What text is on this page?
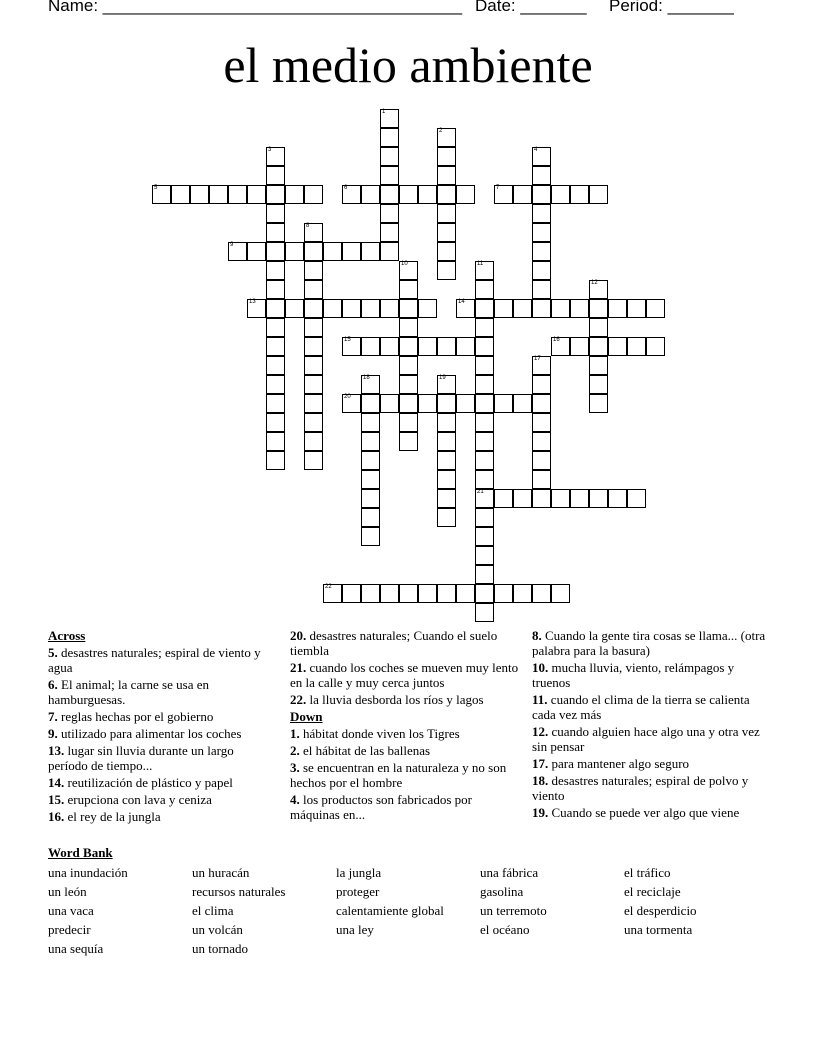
Name: ______________________________________ Date: _______ Period: _______
el medio ambiente
1
2
3	4
5	6	7
8
9
10	11
21
12
13	14
15	16
17
18	19
20
22
Across
5. desastres naturales; espiral de viento y agua
6. El animal; la carne se usa en hamburguesas.
7. reglas hechas por el gobierno
9. utilizado para alimentar los coches
13. lugar sin lluvia durante un largo período de tiempo...
14. reutilización de plástico y papel
15. erupciona con lava y ceniza
16. el rey de la jungla
20. desastres naturales; Cuando el suelo tiembla
21. cuando los coches se mueven muy lento en la calle y muy cerca juntos
22. la lluvia desborda los ríos y lagos
Down
1. hábitat donde viven los Tigres
2. el hábitat de las ballenas
3. se encuentran en la naturaleza y no son hechos por el hombre
4. los productos son fabricados por máquinas en...
8. Cuando la gente tira cosas se llama... (otra palabra para la basura)
10. mucha lluvia, viento, relámpagos y truenos
11. cuando el clima de la tierra se calienta cada vez más
12. cuando alguien hace algo una y otra vez sin pensar
17. para mantener algo seguro
18. desastres naturales; espiral de polvo y viento
19. Cuando se puede ver algo que viene
Word Bank
una inundación
un león
una vaca
predecir
una sequía
un huracán
recursos naturales
el clima
un volcán
un tornado
la jungla
proteger
calentamiente global
una ley
una fábrica
gasolina
un terremoto
el océano
el tráfico
el reciclaje
el desperdicio
una tormenta
